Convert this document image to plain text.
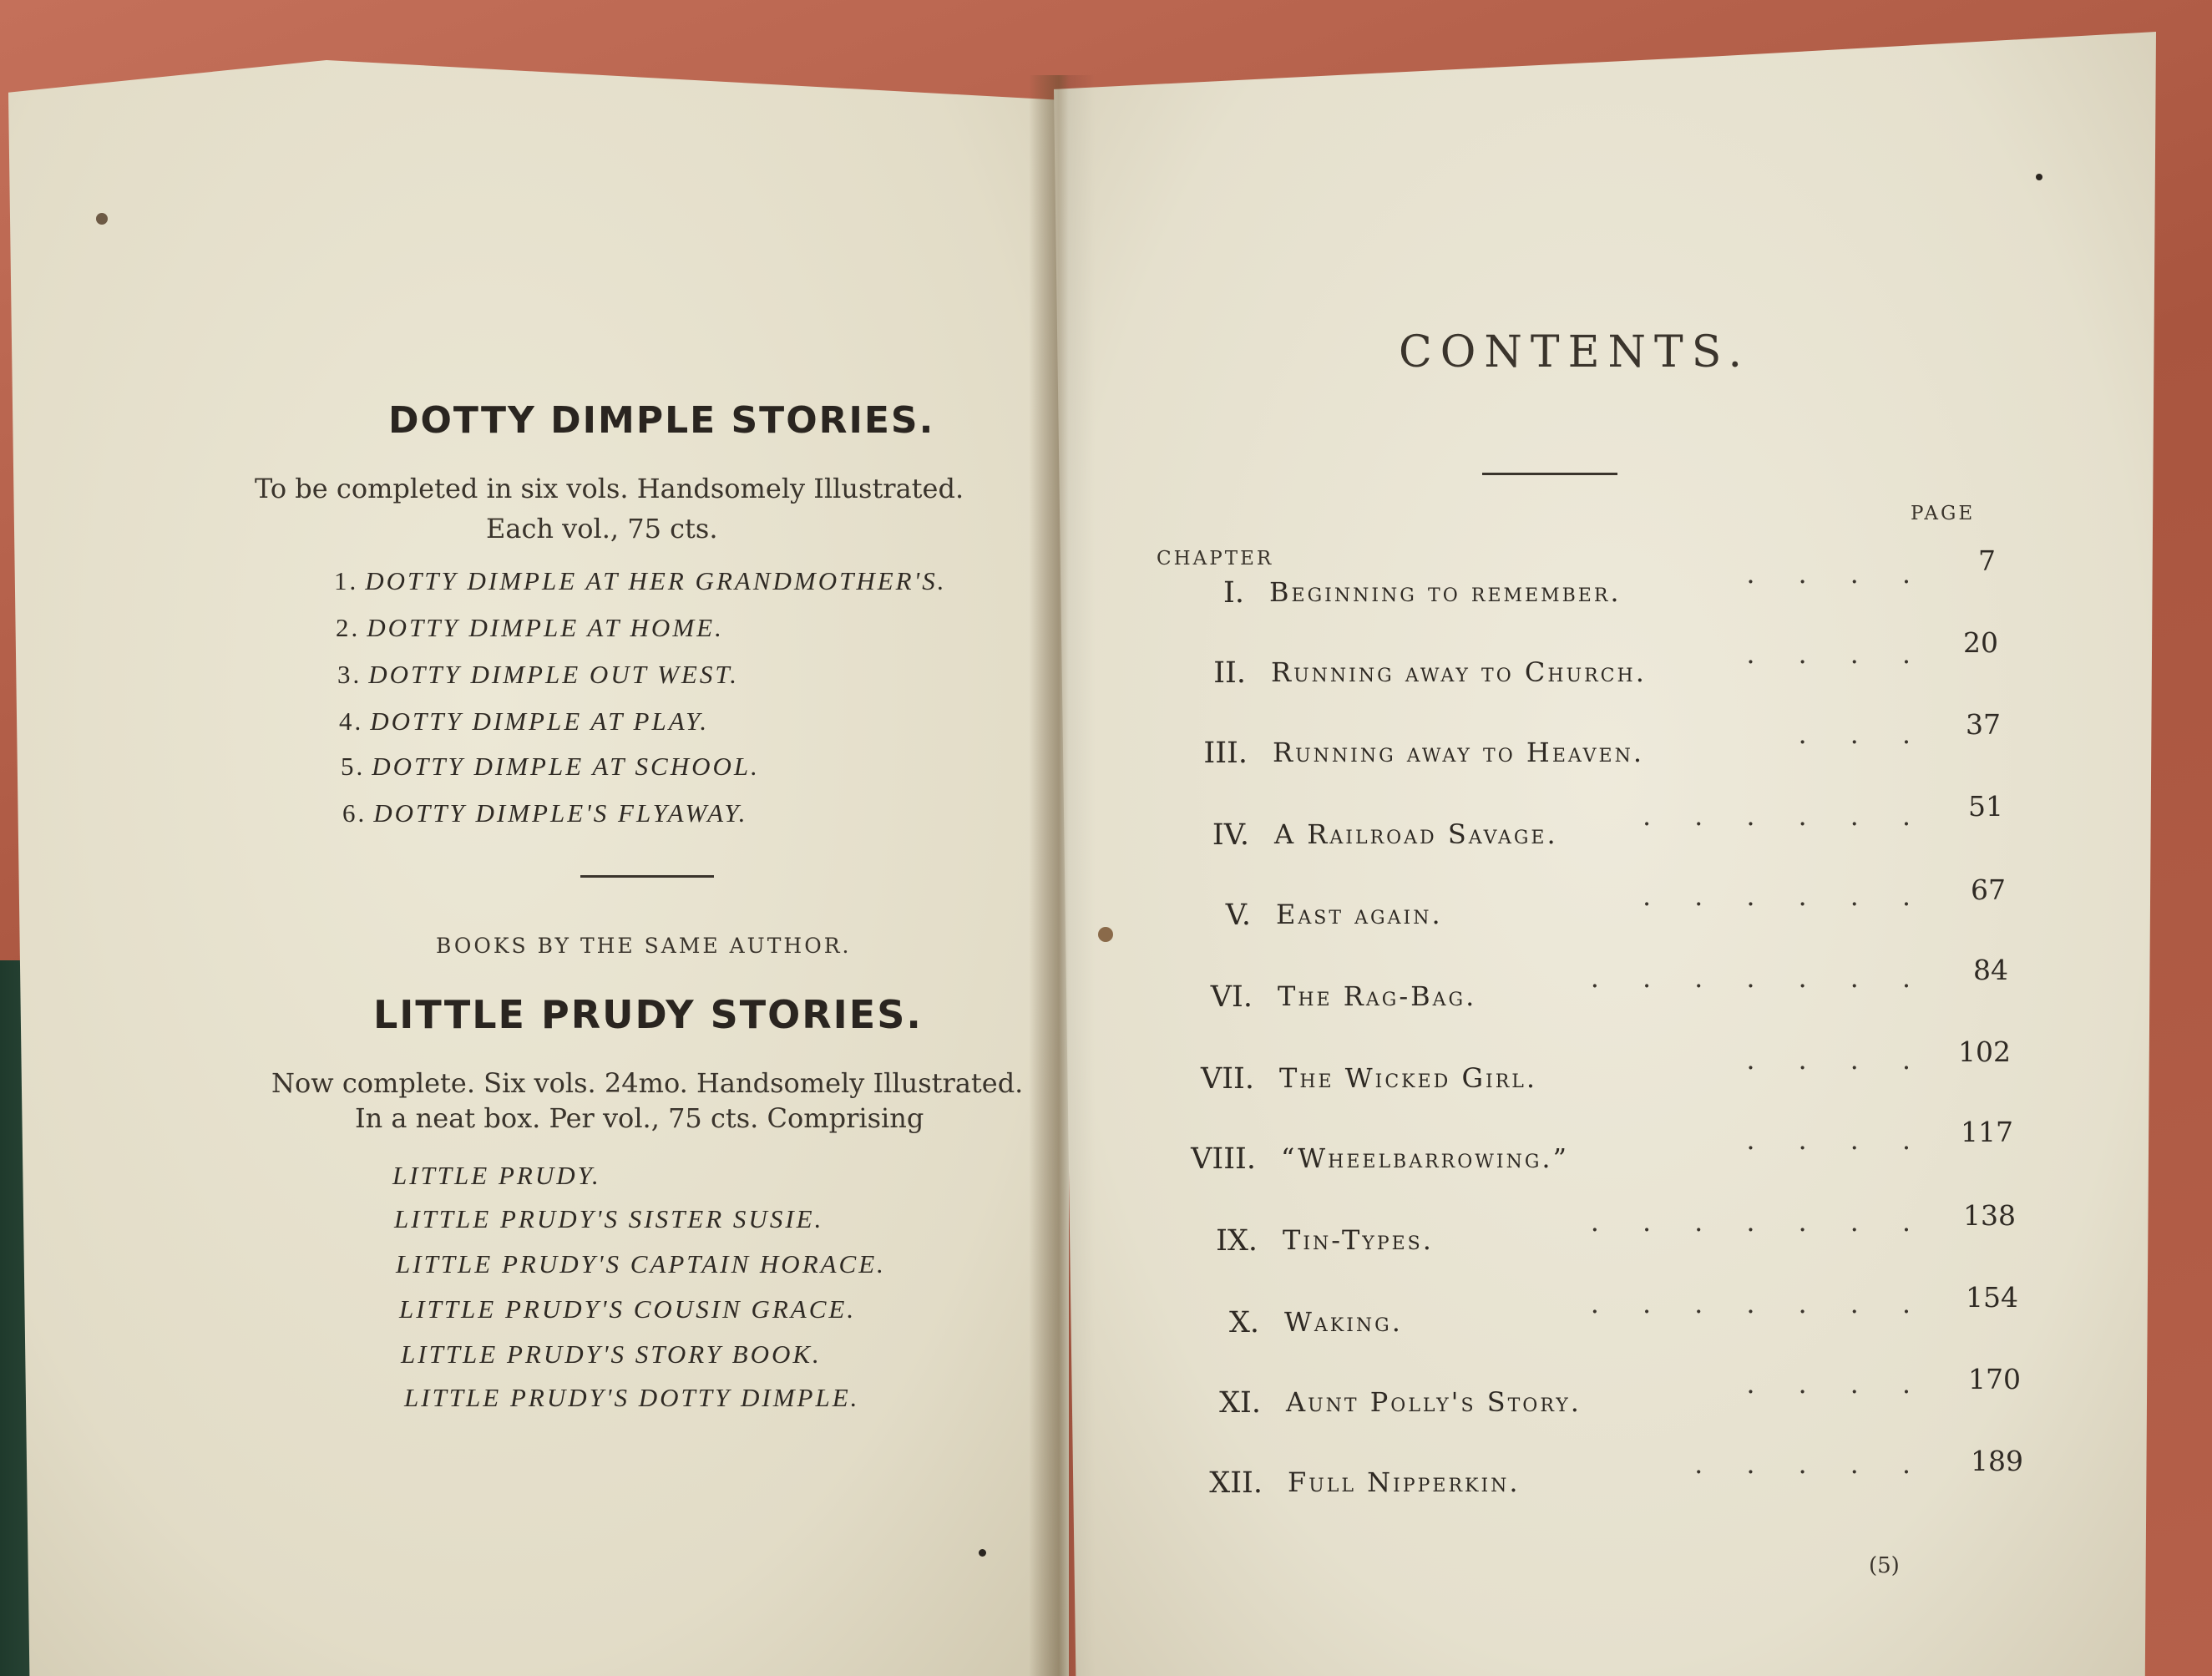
DOTTY DIMPLE STORIES.
To be completed in six vols. Handsomely Illustrated.
Each vol., 75 cts.
1. DOTTY DIMPLE AT HER GRANDMOTHER'S.
2. DOTTY DIMPLE AT HOME.
3. DOTTY DIMPLE OUT WEST.
4. DOTTY DIMPLE AT PLAY.
5. DOTTY DIMPLE AT SCHOOL.
6. DOTTY DIMPLE'S FLYAWAY.
BOOKS BY THE SAME AUTHOR.
LITTLE PRUDY STORIES.
Now complete. Six vols. 24mo. Handsomely Illustrated.
In a neat box. Per vol., 75 cts. Comprising
LITTLE PRUDY.
LITTLE PRUDY'S SISTER SUSIE.
LITTLE PRUDY'S CAPTAIN HORACE.
LITTLE PRUDY'S COUSIN GRACE.
LITTLE PRUDY'S STORY BOOK.
LITTLE PRUDY'S DOTTY DIMPLE.
CONTENTS.
PAGE
CHAPTER
I. Beginning to remember.
.... 7
II. Running away to Church.
.... 20
III. Running away to Heaven.
... 37
IV. A Railroad Savage.
...... 51
V. East again.
...... 67
VI. The Rag-Bag.
....... 84
VII. The Wicked Girl.
.... 102
VIII. “Wheelbarrowing.”
.... 117
IX. Tin-Types.
....... 138
X. Waking.
....... 154
XI. Aunt Polly's Story.
.... 170
XII. Full Nipperkin.
..... 189
(5)
